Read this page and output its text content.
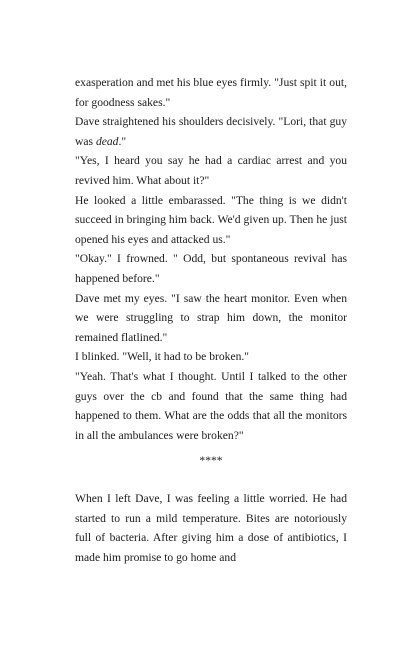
exasperation and met his blue eyes firmly. "Just spit it out, for goodness sakes."

Dave straightened his shoulders decisively. "Lori, that guy was dead."

"Yes, I heard you say he had a cardiac arrest and you revived him. What about it?"

He looked a little embarassed. "The thing is we didn't succeed in bringing him back. We'd given up. Then he just opened his eyes and attacked us."

"Okay." I frowned. " Odd, but spontaneous revival has happened before."

Dave met my eyes. "I saw the heart monitor. Even when we were struggling to strap him down, the monitor remained flatlined."

I blinked. "Well, it had to be broken."

"Yeah. That's what I thought. Until I talked to the other guys over the cb and found that the same thing had happened to them. What are the odds that all the monitors in all the ambulances were broken?"

****

When I left Dave, I was feeling a little worried. He had started to run a mild temperature. Bites are notoriously full of bacteria. After giving him a dose of antibiotics, I made him promise to go home and
